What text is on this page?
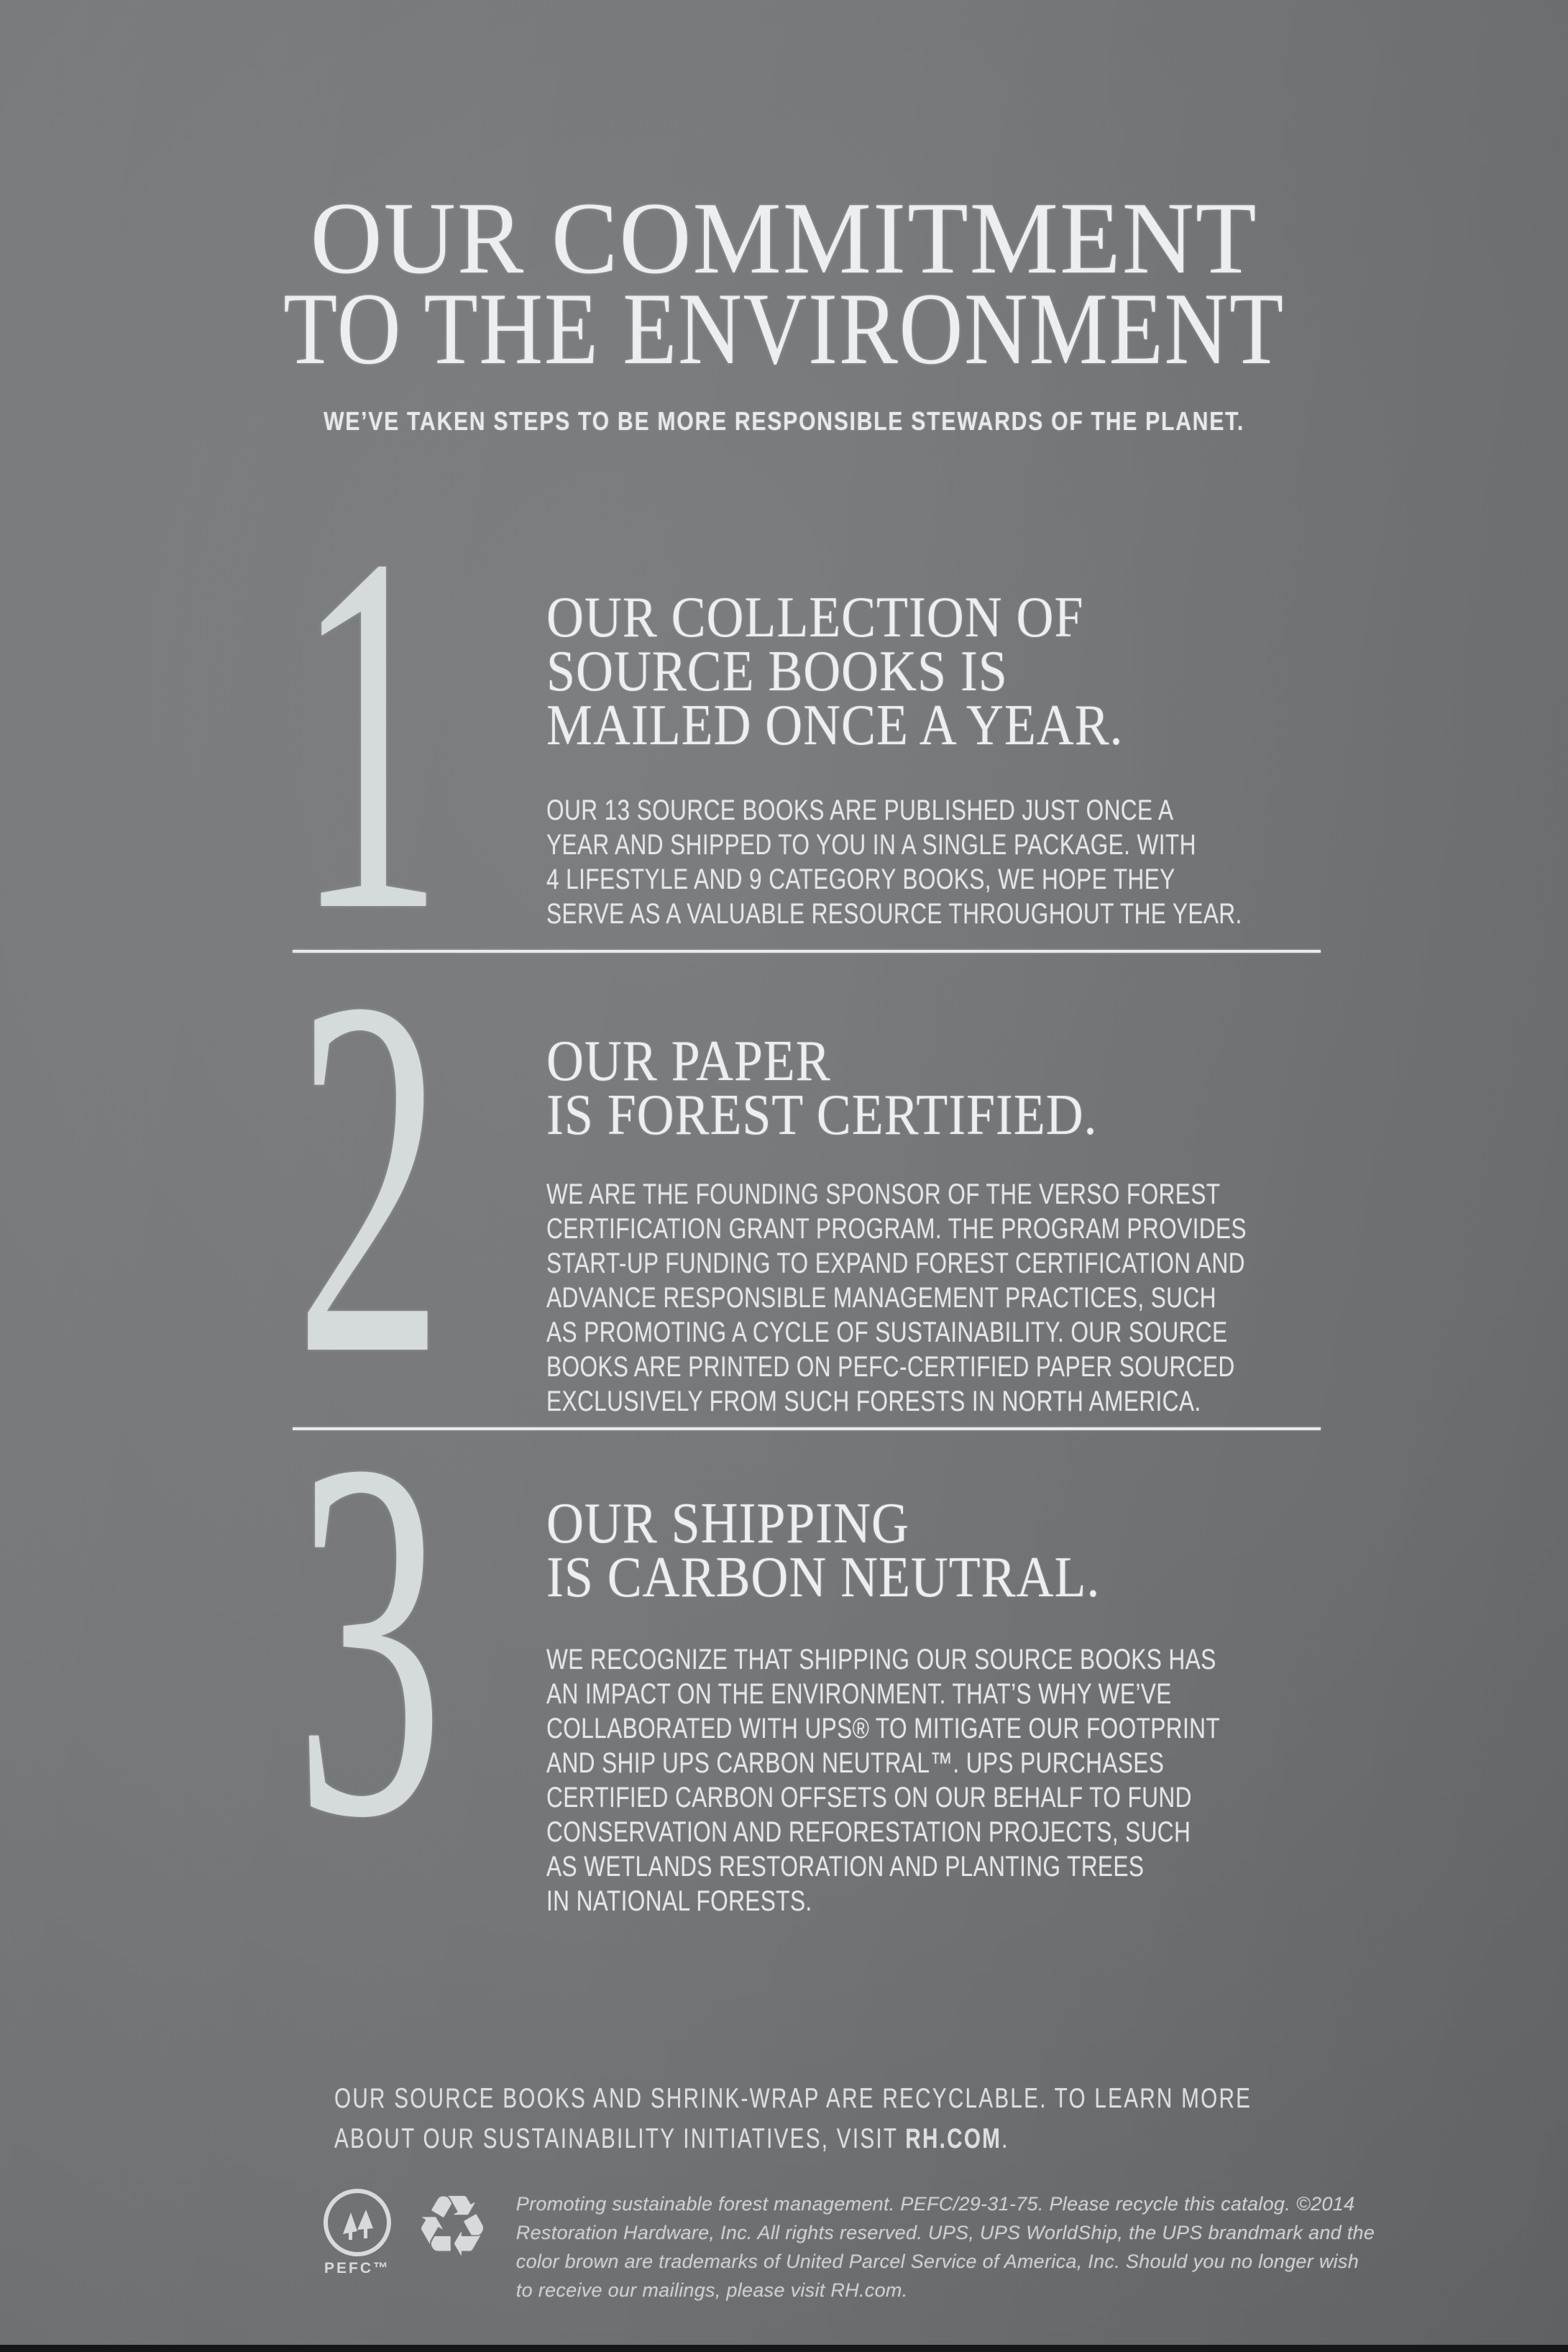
OUR COMMITMENT
TO THE ENVIRONMENT

WE’VE TAKEN STEPS TO BE MORE RESPONSIBLE STEWARDS OF THE PLANET.

1 OUR COLLECTION OF
SOURCE BOOKS IS
MAILED ONCE A YEAR.

OUR 13 SOURCE BOOKS ARE PUBLISHED JUST ONCE A
YEAR AND SHIPPED TO YOU IN A SINGLE PACKAGE. WITH
4 LIFESTYLE AND 9 CATEGORY BOOKS, WE HOPE THEY
SERVE AS A VALUABLE RESOURCE THROUGHOUT THE YEAR.

2 OUR PAPER
IS FOREST CERTIFIED.

WE ARE THE FOUNDING SPONSOR OF THE VERSO FOREST
CERTIFICATION GRANT PROGRAM. THE PROGRAM PROVIDES
START-UP FUNDING TO EXPAND FOREST CERTIFICATION AND
ADVANCE RESPONSIBLE MANAGEMENT PRACTICES, SUCH
AS PROMOTING A CYCLE OF SUSTAINABILITY. OUR SOURCE
BOOKS ARE PRINTED ON PEFC-CERTIFIED PAPER SOURCED
EXCLUSIVELY FROM SUCH FORESTS IN NORTH AMERICA.

3 OUR SHIPPING
IS CARBON NEUTRAL.

WE RECOGNIZE THAT SHIPPING OUR SOURCE BOOKS HAS
AN IMPACT ON THE ENVIRONMENT. THAT’S WHY WE’VE
COLLABORATED WITH UPS® TO MITIGATE OUR FOOTPRINT
AND SHIP UPS CARBON NEUTRAL™. UPS PURCHASES
CERTIFIED CARBON OFFSETS ON OUR BEHALF TO FUND
CONSERVATION AND REFORESTATION PROJECTS, SUCH
AS WETLANDS RESTORATION AND PLANTING TREES
IN NATIONAL FORESTS.

OUR SOURCE BOOKS AND SHRINK-WRAP ARE RECYCLABLE. TO LEARN MORE
ABOUT OUR SUSTAINABILITY INITIATIVES, VISIT RH.COM.

PEFC™ ♻ Promoting sustainable forest management. PEFC/29-31-75. Please recycle this catalog. ©2014
Restoration Hardware, Inc. All rights reserved. UPS, UPS WorldShip, the UPS brandmark and the
color brown are trademarks of United Parcel Service of America, Inc. Should you no longer wish
to receive our mailings, please visit RH.com.
